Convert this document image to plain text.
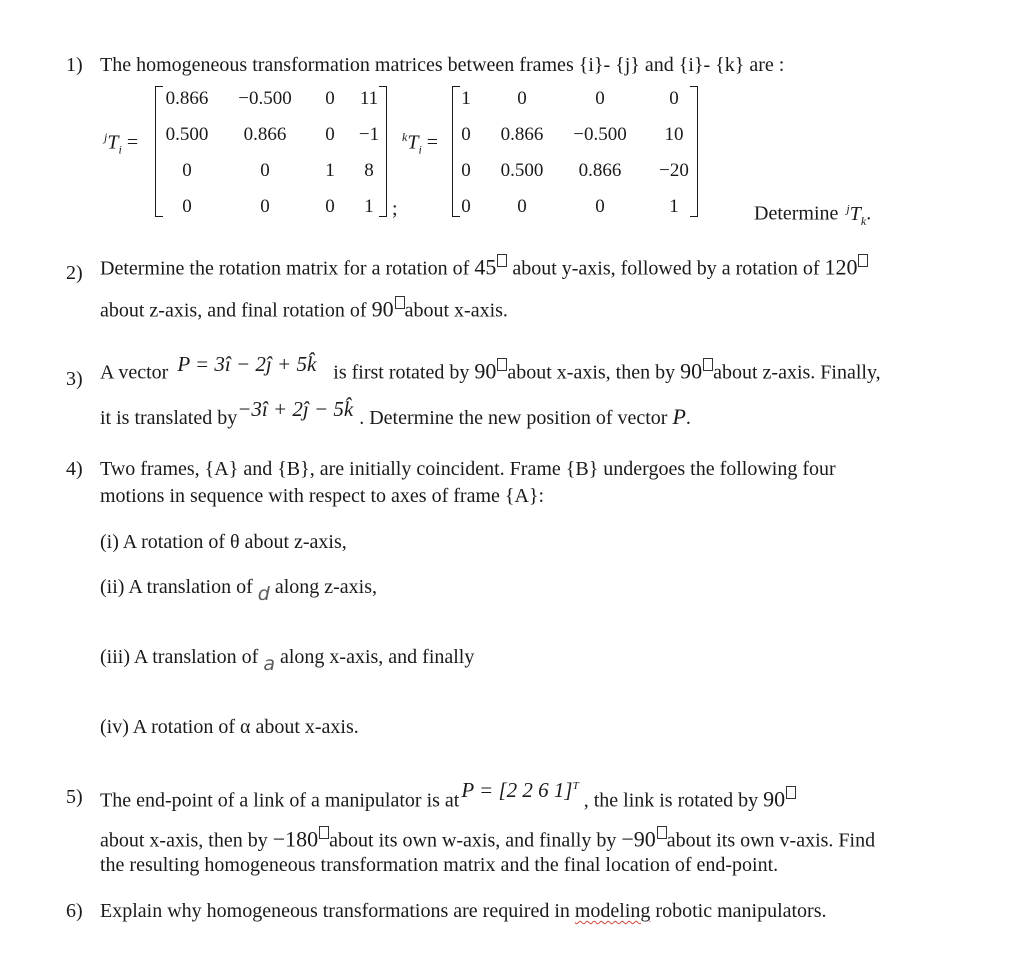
1) The homogeneous transformation matrices between frames {i}- {j} and {i}- {k} are :
$^jT_i$ =
0.866	−0.500	0	11
0.500	0.866	0	−1
0	0	1	8
0	0	0	1 ;
$^kT_i$ =
1	0	0	0
0	0.866	−0.500	10
0	0.500	0.866	−20
0	0	0	1	Determine $^jT_k$.
2) Determine the rotation matrix for a rotation of 45 about y-axis, followed by a rotation of 120
about z-axis, and final rotation of 90 about x-axis.
3) A vector P = 3î − 2ĵ + 5k̂ is first rotated by 90 about x-axis, then by 90 about z-axis. Finally,
it is translated by−3î + 2ĵ − 5k̂ . Determine the new position of vector P.
4) Two frames, {A} and {B}, are initially coincident. Frame {B} undergoes the following four
motions in sequence with respect to axes of frame {A}:
(i) A rotation of θ about z-axis,
(ii) A translation of d along z-axis,
(iii) A translation of a along x-axis, and finally
(iv) A rotation of α about x-axis.
5) The end-point of a link of a manipulator is atP = [2 2 6 1]$^T$ , the link is rotated by 90
about x-axis, then by −180 about its own w-axis, and finally by −90 about its own v-axis. Find
the resulting homogeneous transformation matrix and the final location of end-point.
6) Explain why homogeneous transformations are required in modeling robotic manipulators.
